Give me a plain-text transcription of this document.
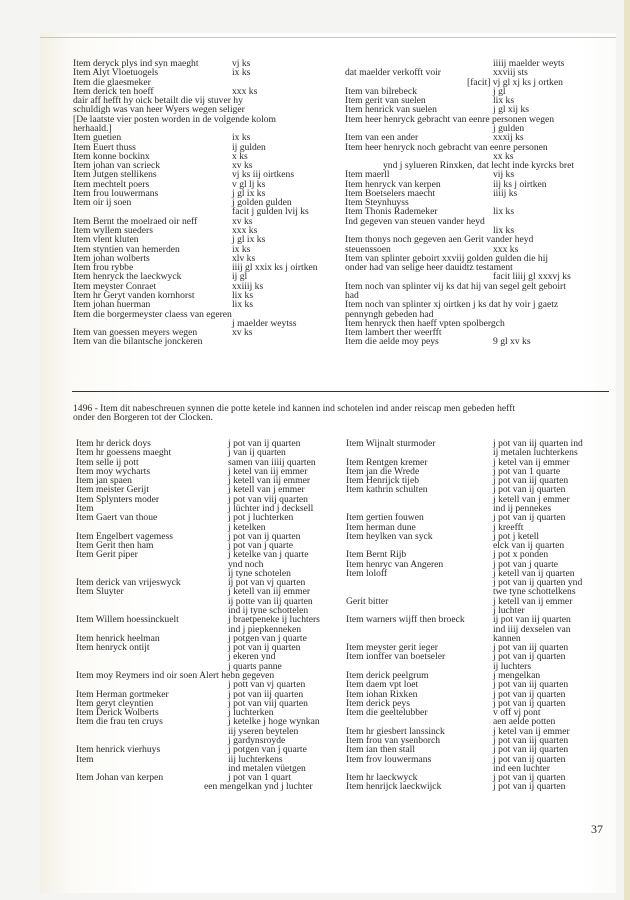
Item deryck plys ind syn maeght	vj ks
Item Alyt Vloetuogels	ix ks
Item die glaesmeker
Item derick ten hoeff	xxx ks
dair aff hefft hy oick betailt die vij stuver hy
schuldigh was van heer Wyers wegen seliger
[De laatste vier posten worden in de volgende kolom
herhaald.]
Item guetien	ix ks
Item Euert thuss	ij gulden
Item konne bockinx	x ks
Item johan van scrieck	xv ks
Item Jutgen stellikens	vj ks iij oirtkens
Item mechtelt poers	v gl lj ks
Item frou louwermans	j gl ix ks
Item oir ij soen	j golden gulden
facit j gulden lvij ks
Item Bernt the moelraed oir neff	xv ks
Item wyllem sueders	xxx ks
Item vlent kluten	j gl ix ks
Item styntien van hemerden	ix ks
Item johan wolberts	xlv ks
Item frou rybbe	iiij gl xxix ks j oirtken
Item henryck the laeckwyck	ij gl
Item meyster Conraet	xxiiij ks
Item hr Geryt vanden kornhorst	lix ks
Item johan huerman	lix ks
Item die borgermeyster claess van egeren
j maelder weytss
Item van goessen meyers wegen	xv ks
Item van die bilantsche jonckeren
iiiij maelder weyts
dat maelder verkofft voir	xxviij sts
[facit] vj gl xj ks j ortken
Item van bilrebeck	j gl
Item gerit van suelen	lix ks
Item henrick van suelen	j gl xij ks
Item heer henryck gebracht van eenre personen wegen
j gulden
Item van een ander	xxxij ks
Item heer henryck noch gebracht van eenre personen
xx ks
ynd j sylueren Rinxken, dat lecht inde kyrcks bret
Item maerll	vij ks
Item henryck van kerpen	iij ks j oirtken
Item Boetselers maecht	iiiij ks
Item Steynhuyss
Item Thonis Rademeker	lix ks
Ind gegeven van steuen vander heyd
lix ks
Item thonys noch gegeven aen Gerit vander heyd
steuenssoen	xxx ks
Item van splinter geboirt xxviij golden gulden die hij
onder had van selige heer dauidtz testament
facit liiij gl xxxvj ks
Item noch van splinter vij ks dat hij van segel gelt geboirt
had
Item noch van splinter xj oirtken j ks dat hy voir j gaetz
pennyngh gebeden had
Item henryck then haeff vpten spolbergch
Item lambert ther weerfft
Item die aelde moy peys	9 gl xv ks
1496 - Item dit nabeschreuen synnen die potte ketele ind kannen ind schotelen ind ander reiscap men gebeden hefft
onder den Borgeren tot der Clocken.
Item hr derick doys	j pot van ij quarten
Item hr goessens maeght	j van ij quarten
Item selle ij pott	samen van iiiij quarten
Item moy wycharts	j ketel van iij emmer
Item jan spaen	j ketell van iij emmer
Item meister Gerijt	j ketell van j emmer
Item Splynters moder	j pot van viij quarten
Item	j lüchter ind j decksell
Item Gaert van thoue	j pot j luchterken
j ketelken
Item Engelbert vagemess	j pot van ij quarten
Item Gerit then ham	j pot van j quarte
Item Gerit piper	j ketelke van j quarte
ynd noch
ij tyne schotelen
Item derick van vrijeswyck	ij pot van vj quarten
Item Sluyter	j ketell van iij emmer
ij potte van iij quarten
ind ij tyne schottelen
Item Willem hoessinckuelt	j braetpeneke ij luchters
ind j piepkenneken
Item henrick heelman	j potgen van j quarte
Item henryck ontijt	j pot van ij quarten
j ekeren ynd
j quarts panne
Item moy Reymers ind oir soen Alert hebn gegeven
j pott van vj quarten
Item Herman gortmeker	j pot van iij quarten
Item geryt cleyntien	j pot van viij quarten
Item Derick Wolberts	j luchterken
Item die frau ten cruys	j ketelke j hoge wynkan
iij yseren beytelen
j gardynsroyde
Item henrick vierhuys	j potgen van j quarte
Item	iij luchterkens
ind metalen vüetgen
Item Johan van kerpen	j pot van 1 quart
een mengelkan ynd j luchter
Item Wijnalt sturmoder	j pot van iij quarten ind
ij metalen luchterkens
Item Rentgen kremer	j ketel van ij emmer
Item jan die Wrede	j pot van 1 quarte
Item Henrijck tijeb	j pot van iij quarten
Item kathrin schulten	j pot van ij quarten
j ketell van j emmer
ind ij pennekes
Item gertien fouwen	j pot van ij quarten
Item herman dune	j kreefft
Item heylken van syck	j pot j ketell
elck van ij quarten
Item Bernt Rijb	j pot x ponden
Item henryc van Angeren	j pot van j quarte
Item loloff	j ketell van ij quarten
j pot van ij quarten ynd
twe tyne schottelkens
Gerit bitter	j ketell van ij emmer
j luchter
Item warners wijff then broeck	ij pot van iij quarten
ind iiij dexselen van
kannen
Item meyster gerit ieger	j pot van iij quarten
Item ionffer van boetseler	j pot van ij quarten
ij luchters
Item derick peelgrum	j mengelkan
Item daem vpt loet	j pot van iij quarten
Item iohan Rixken	j pot van ij quarten
Item derick peys	j pot van ij quarten
Item die geeltelubber	v off vj pont
aen aelde potten
Item hr giesbert lanssinck	j ketel van ij emmer
Item frou van ysenborch	j pot van iij quarten
Item ian then stall	j pot van iij quarten
Item frov louwermans	j pot van ij quarten
ind een luchter
Item hr laeckwyck	j pot van ij quarten
Item henrijck laeckwijck	j pot van ij quarten
37
